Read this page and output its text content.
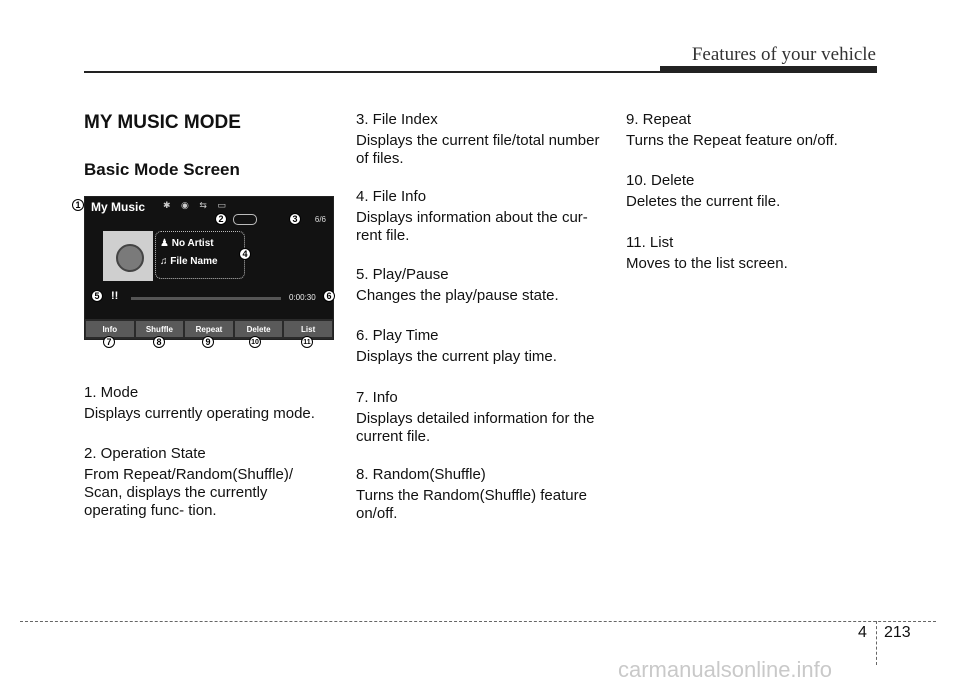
Features of your vehicle
MY MUSIC MODE
Basic Mode Screen
My Music ✱ ◉ ⇆ ▭
6/6
♟ No Artist
♫ File Name
!!	0:00:30
Info	Shuffle	Repeat	Delete	List
1
2	3
4
5	6
7	8	9	10	11

1. Mode

Displays currently operating mode.

2. Operation State

From Repeat/Random(Shuffle)/ Scan, displays the currently operating func- tion.

3. File Index

Displays the current file/total number of files.

4. File Info

Displays information about the cur- rent file.

5. Play/Pause

Changes the play/pause state.

6. Play Time

Displays the current play time.

7. Info

Displays detailed information for the current file.

8. Random(Shuffle)

Turns the Random(Shuffle) feature on/off.

9. Repeat

Turns the Repeat feature on/off.

10. Delete

Deletes the current file.

11. List

Moves to the list screen.

4 213
carmanualsonline.info
